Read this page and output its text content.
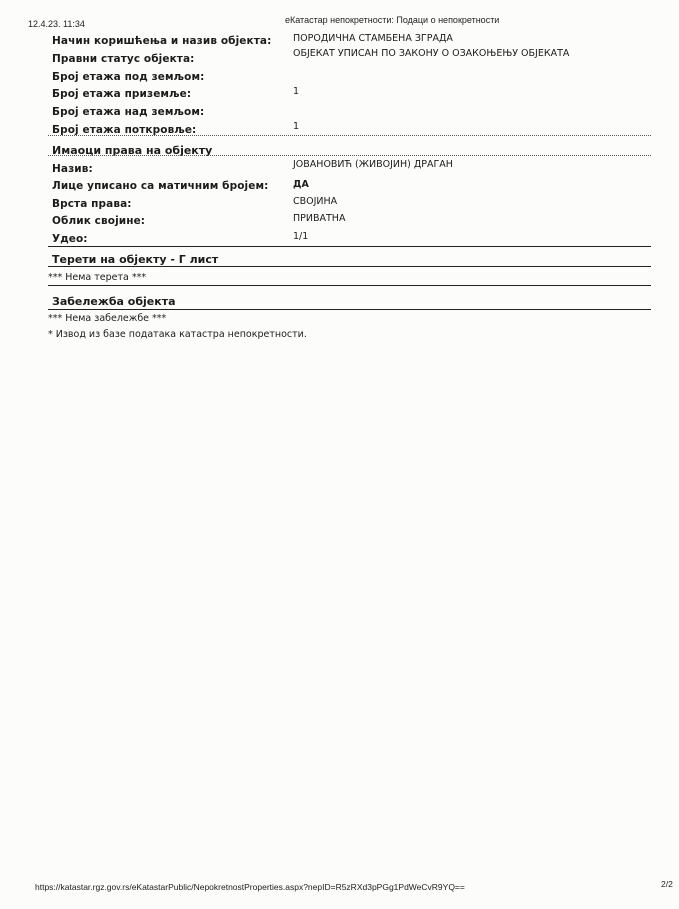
12.4.23. 11:34	еКатастар непокретности: Подаци о непокретности
Начин коришћења и назив објекта: ПОРОДИЧНА СТАМБЕНА ЗГРАДА
Правни статус објекта:	ОБЈЕКАТ УПИСАН ПО ЗАКОНУ О ОЗАКОЊЕЊУ ОБЈЕКАТА
Број етажа под земљом:
Број етажа приземље:	1
Број етажа над земљом:
Број етажа поткровље:	1
Имаоци права на објекту
Назив:	ЈОВАНОВИЋ (ЖИВОЈИН) ДРАГАН
Лице уписано са матичним бројем:	ДА
Врста права:	СВОЈИНА
Облик својине:	ПРИВАТНА
Удео:	1/1
Терети на објекту - Г лист
*** Нема терета ***
Забележба објекта
*** Нема забележбе ***
* Извод из базе података катастра непокретности.
https://katastar.rgz.gov.rs/eKatastarPublic/NepokretnostProperties.aspx?nepID=R5zRXd3pPGg1PdWeCvR9YQ==	2/2
